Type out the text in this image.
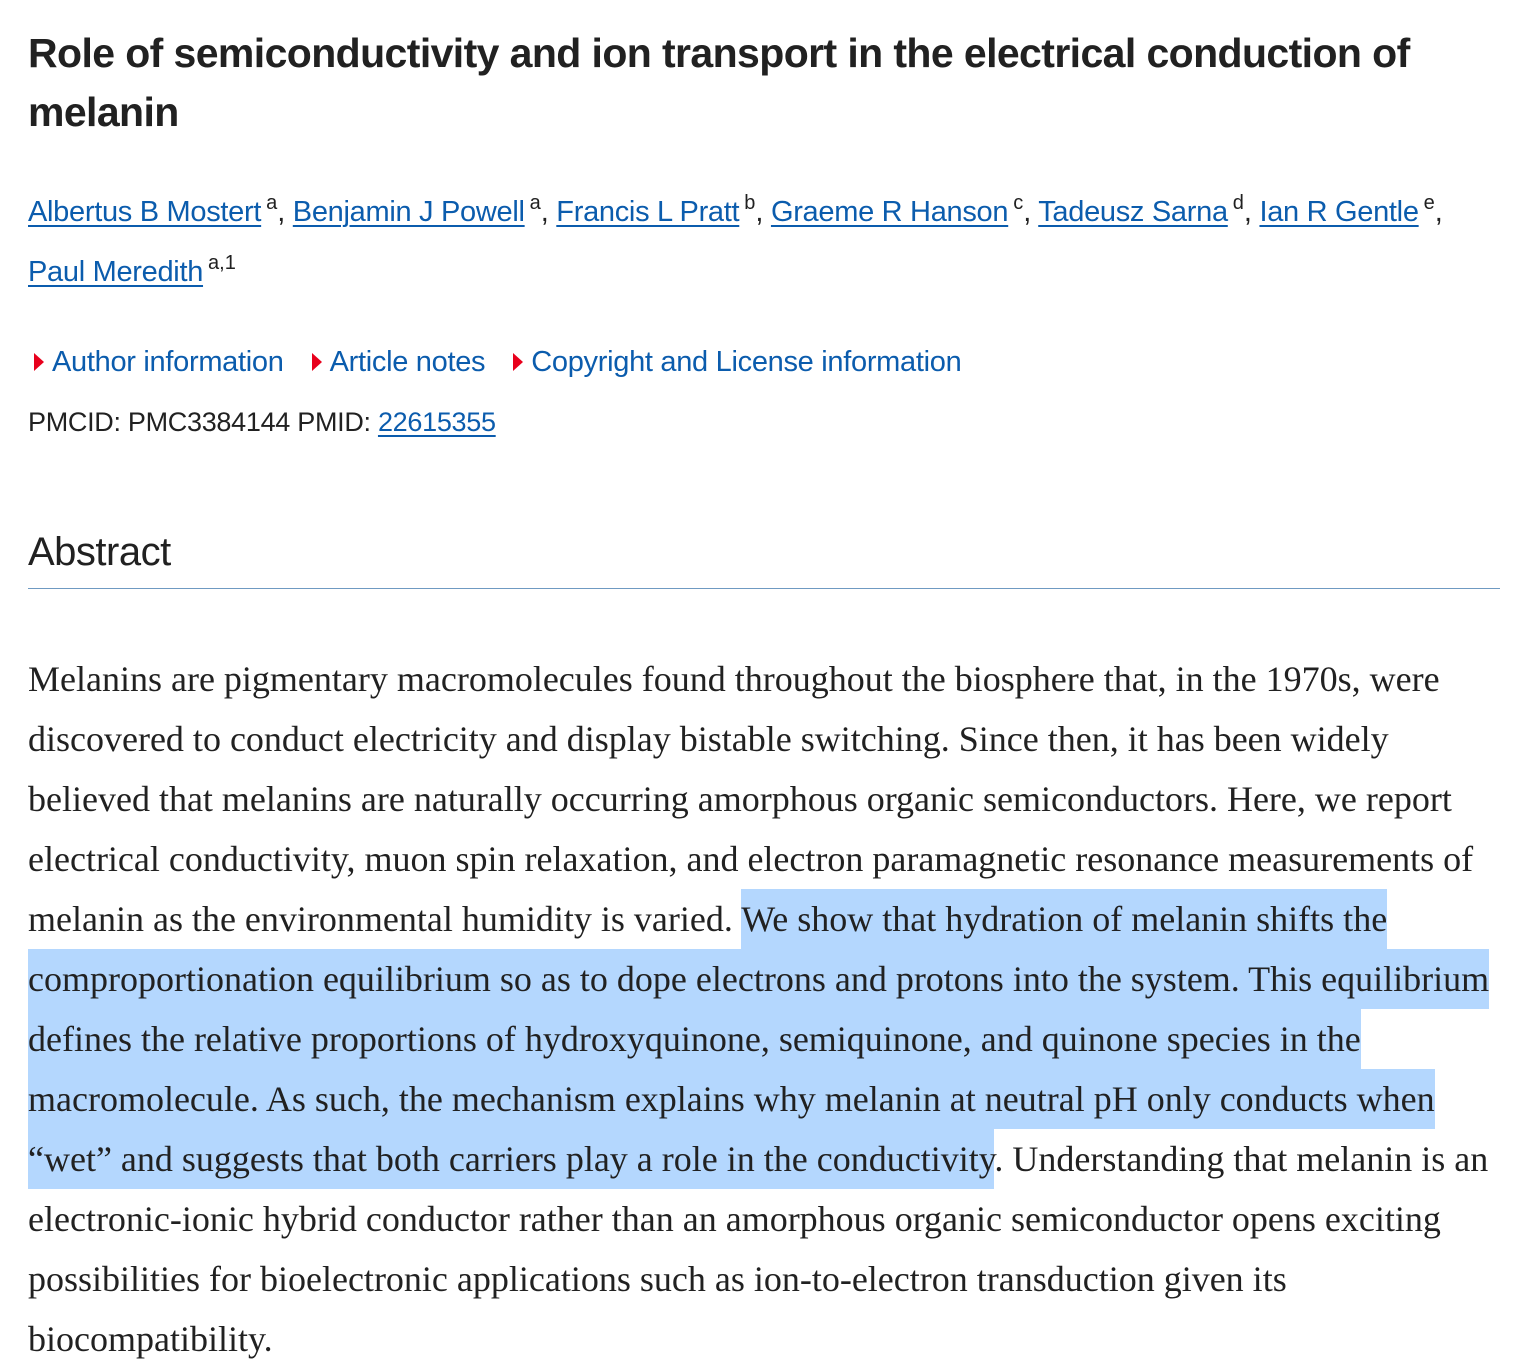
Role of semiconductivity and ion transport in the electrical conduction of melanin
Albertus B Mostert $^a$, Benjamin J Powell $^a$, Francis L Pratt $^b$, Graeme R Hanson $^c$, Tadeusz Sarna $^d$, Ian R Gentle $^e$,
Paul Meredith $^{a,1}$
Author information Article notes Copyright and License information
PMCID: PMC3384144 PMID: 22615355
Abstract

Melanins are pigmentary macromolecules found throughout the biosphere that, in the 1970s, were discovered to conduct electricity and display bistable switching. Since then, it has been widely believed that melanins are naturally occurring amorphous organic semiconductors. Here, we report electrical conductivity, muon spin relaxation, and electron paramagnetic resonance measurements of melanin as the environmental humidity is varied. We show that hydration of melanin shifts the comproportionation equilibrium so as to dope electrons and protons into the system. This equilibrium defines the relative proportions of hydroxyquinone, semiquinone, and quinone species in the macromolecule. As such, the mechanism explains why melanin at neutral pH only conducts when “wet” and suggests that both carriers play a role in the conductivity. Understanding that melanin is an electronic-ionic hybrid conductor rather than an amorphous organic semiconductor opens exciting possibilities for bioelectronic applications such as ion-to-electron transduction given its biocompatibility.
